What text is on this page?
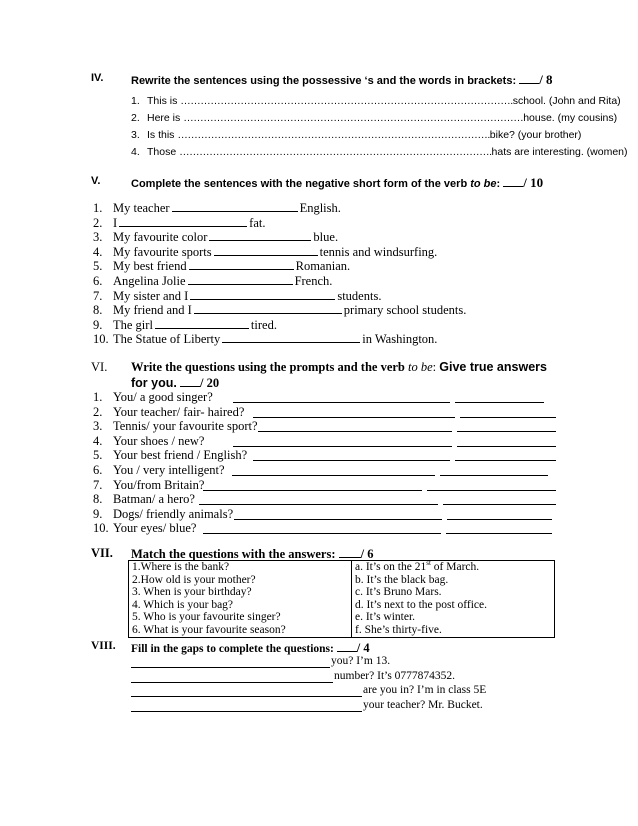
IV.	Rewrite the sentences using the possessive ‘s and the words in brackets: / 8
1. This is ……………………………………………………………………………………….school. (John and Rita)
2. Here is …………………………………………………………………………………………house. (my cousins)
3. Is this ………………………………………………………………………………….bike? (your brother)
4. Those ………………………………………………………………………………….hats are interesting. (women)
V.	Complete the sentences with the negative short form of the verb to be: / 10
1. My teacher	English.
2. I	fat.
3. My favourite color	blue.
4. My favourite sports	tennis and windsurfing.
5. My best friend	Romanian.
6. Angelina Jolie	French.
7. My sister and I	students.
8. My friend and I	primary school students.
9. The girl	tired.
10. The Statue of Liberty	in Washington.
VI. Write the questions using the prompts and the verb to be: Give true answers
for you. / 20
1. You/ a good singer?
2. Your teacher/ fair- haired?
3. Tennis/ your favourite sport?
4. Your shoes / new?
5. Your best friend / English?
6. You / very intelligent?
7. You/from Britain?
8. Batman/ a hero?
9. Dogs/ friendly animals?
10. Your eyes/ blue?
VII. Match the questions with the answers: / 6
1.Where is the bank?	a. It’s on the 21st of March.
2.How old is your mother?	b. It’s the black bag.
3. When is your birthday?	c. It’s Bruno Mars.
4. Which is your bag?	d. It’s next to the post office.
5. Who is your favourite singer?	e. It’s winter.
6. What is your favourite season?	f. She’s thirty-five.
VIII. Fill in the gaps to complete the questions: / 4
you? I’m 13.
number? It’s 0777874352.
are you in? I’m in class 5E
your teacher? Mr. Bucket.
